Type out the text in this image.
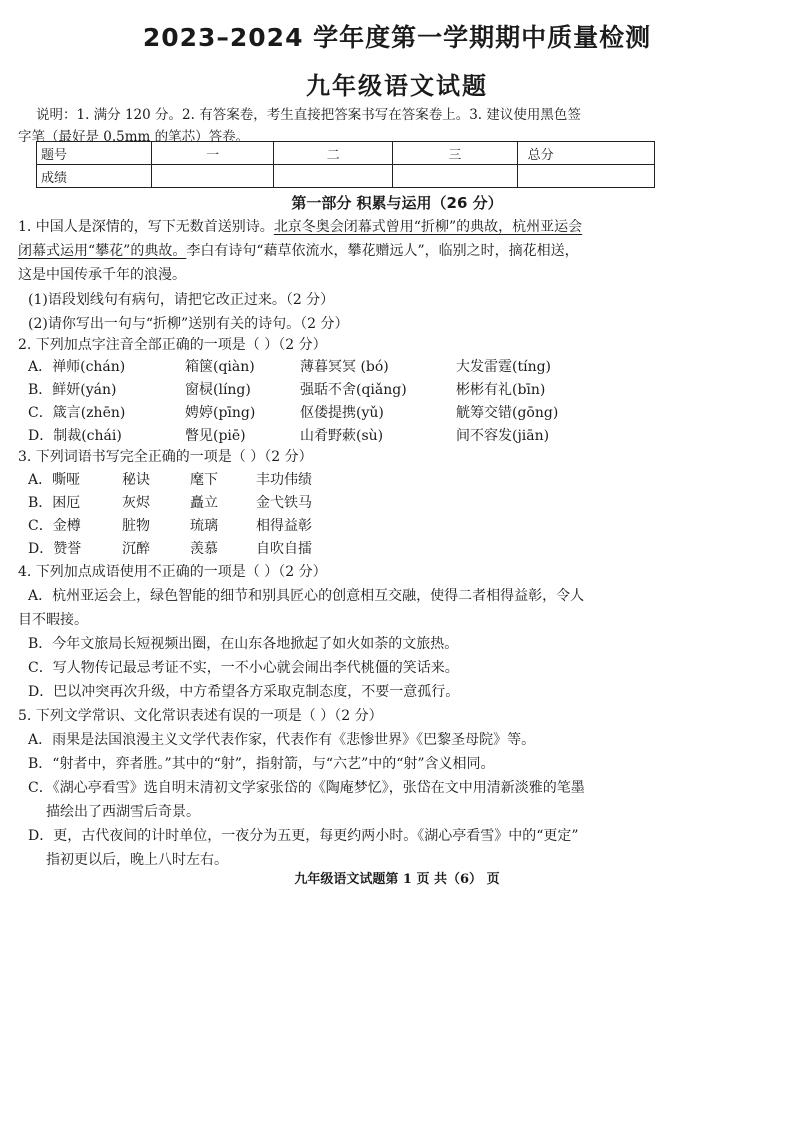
2023–2024 学年度第一学期期中质量检测
九年级语文试题
说明：1. 满分 120 分。2. 有答案卷，考生直接把答案书写在答案卷上。3. 建议使用黑色签
字笔（最好是 0.5mm 的笔芯）答卷。
题号	一	二	三	总分
成绩				
第一部分 积累与运用（26 分）
1. 中国人是深情的，写下无数首送别诗。北京冬奥会闭幕式曾用“折柳”的典故，杭州亚运会
闭幕式运用“攀花”的典故。李白有诗句“藉草依流水，攀花赠远人”，临别之时，摘花相送，
这是中国传承千年的浪漫。
(1)语段划线句有病句，请把它改正过来。（2 分）
(2)请你写出一句与“折柳”送别有关的诗句。（2 分）
2. 下列加点字注音全部正确的一项是（ ）（2 分）
A．禅师(chán)	箱箧(qiàn)	薄暮冥冥 (bó)	大发雷霆(tíng)
B．鲜妍(yán)	窗棂(líng)	强聒不舍(qiǎng)	彬彬有礼(bīn)
C．箴言(zhēn)	娉婷(pīng)	伛偻提携(yǔ)	觥筹交错(gōng)
D．制裁(chái)	瞥见(piē)	山肴野蔌(sù)	间不容发(jiān)
3. 下列词语书写完全正确的一项是（ ）（2 分）
A．嘶哑	秘诀	麾下	丰功伟绩
B．困厄	灰烬	矗立	金弋铁马
C．金樽	脏物	琉璃	相得益彰
D．赞誉	沉醉	羡慕	自吹自擂
4. 下列加点成语使用不正确的一项是（ ）（2 分）
A．杭州亚运会上，绿色智能的细节和别具匠心的创意相互交融，使得二者相得益彰，令人
目不暇接。
B．今年文旅局长短视频出圈，在山东各地掀起了如火如荼的文旅热。
C．写人物传记最忌考证不实，一不小心就会闹出李代桃僵的笑话来。
D．巴以冲突再次升级，中方希望各方采取克制态度，不要一意孤行。
5. 下列文学常识、文化常识表述有误的一项是（ ）（2 分）
A．雨果是法国浪漫主义文学代表作家，代表作有《悲惨世界》《巴黎圣母院》等。
B．“射者中，弈者胜。”其中的“射”，指射箭，与“六艺”中的“射”含义相同。
C．《湖心亭看雪》选自明末清初文学家张岱的《陶庵梦忆》，张岱在文中用清新淡雅的笔墨
描绘出了西湖雪后奇景。
D．更，古代夜间的计时单位，一夜分为五更，每更约两小时。《湖心亭看雪》中的“更定”
指初更以后，晚上八时左右。
九年级语文试题第 1 页 共（6） 页
